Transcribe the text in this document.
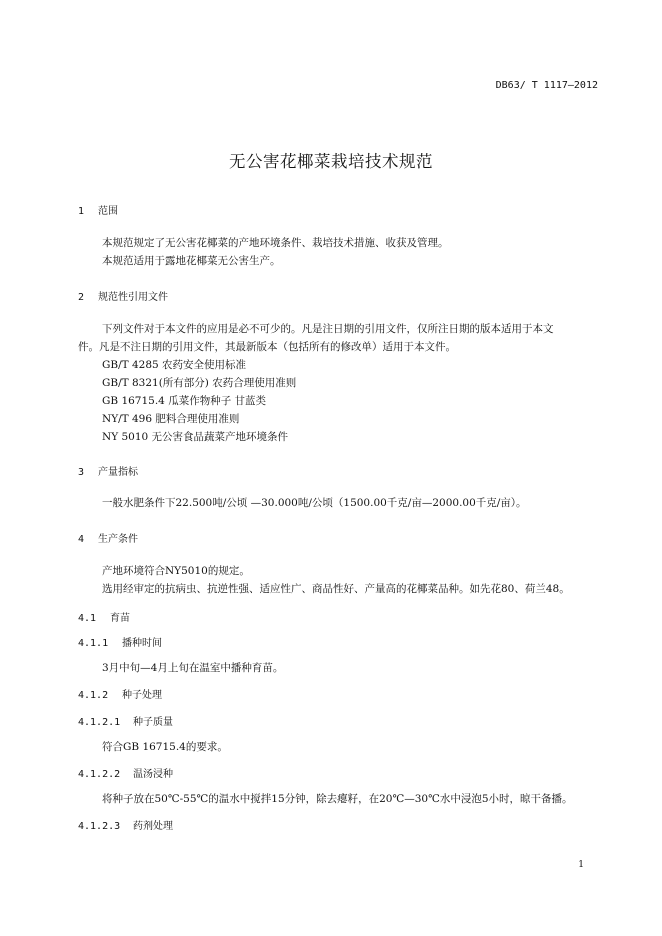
DB63/ T 1117—2012
无公害花椰菜栽培技术规范
1 范围
本规范规定了无公害花椰菜的产地环境条件、栽培技术措施、收获及管理。
本规范适用于露地花椰菜无公害生产。
2 规范性引用文件
下列文件对于本文件的应用是必不可少的。凡是注日期的引用文件，仅所注日期的版本适用于本文
件。凡是不注日期的引用文件，其最新版本（包括所有的修改单）适用于本文件。
GB/T 4285 农药安全使用标准
GB/T 8321(所有部分) 农药合理使用准则
GB 16715.4 瓜菜作物种子 甘蓝类
NY/T 496 肥料合理使用准则
NY 5010 无公害食品蔬菜产地环境条件
3 产量指标
一般水肥条件下22.500吨/公顷 —30.000吨/公顷（1500.00千克/亩—2000.00千克/亩）。
4 生产条件
产地环境符合NY5010的规定。
选用经审定的抗病虫、抗逆性强、适应性广、商品性好、产量高的花椰菜品种。如先花80、荷兰48。
4.1 育苗
4.1.1 播种时间
3月中旬—4月上旬在温室中播种育苗。
4.1.2 种子处理
4.1.2.1 种子质量
符合GB 16715.4的要求。
4.1.2.2 温汤浸种
将种子放在50℃-55℃的温水中搅拌15分钟，除去瘪籽，在20℃—30℃水中浸泡5小时，晾干备播。
4.1.2.3 药剂处理
1
